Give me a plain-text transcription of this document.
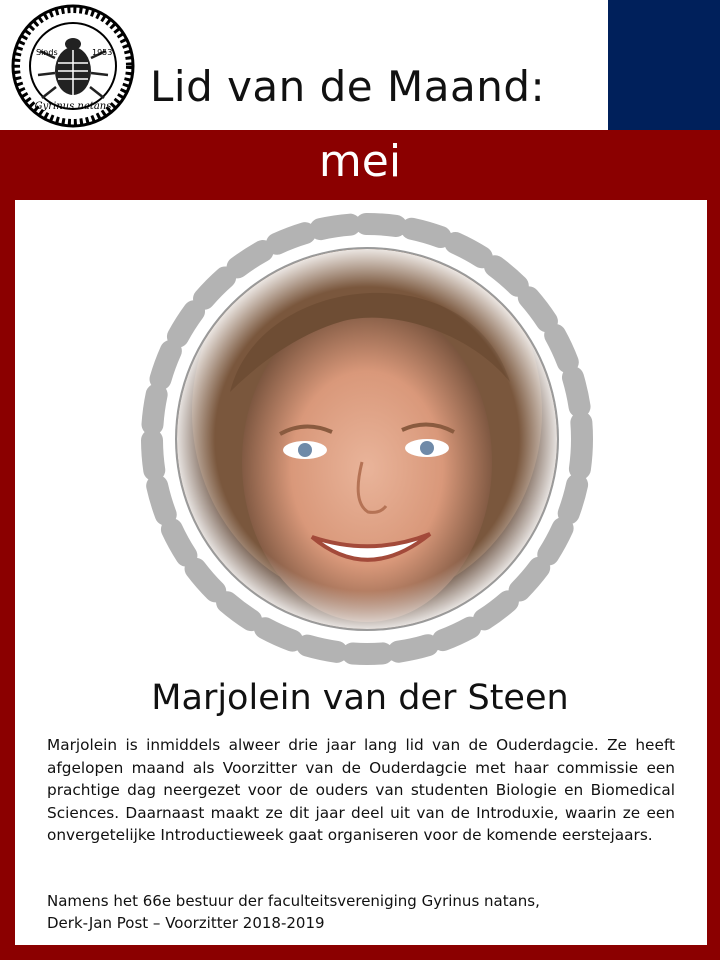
Sinds	1953
Gyrinus natans Lid van de Maand:
mei
Marjolein van der Steen
Marjolein is inmiddels alweer drie jaar lang lid van de Ouderdagcie. Ze heeft afgelopen maand als Voorzitter van de Ouderdagcie met haar commissie een prachtige dag neergezet voor de ouders van studenten Biologie en Biomedical Sciences. Daarnaast maakt ze dit jaar deel uit van de Introduxie, waarin ze een onvergetelijke Introductieweek gaat organiseren voor de komende eerstejaars.
Namens het 66e bestuur der faculteitsvereniging Gyrinus natans,
Derk-Jan Post – Voorzitter 2018-2019
